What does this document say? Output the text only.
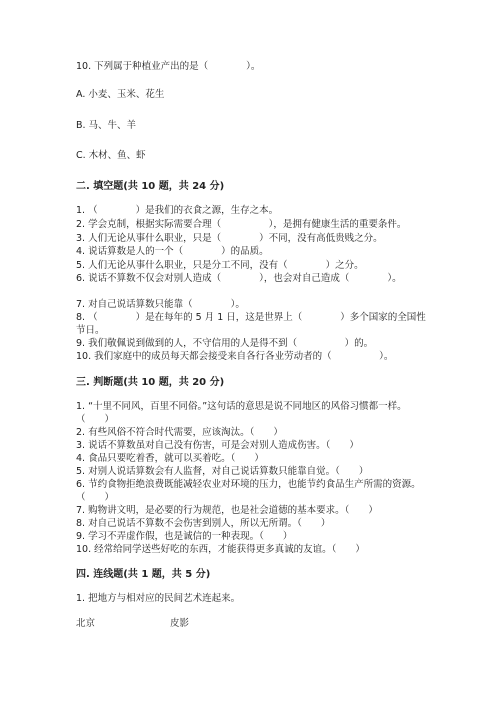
10. 下列属于种植业产出的是（　　　　）。
A. 小麦、玉米、花生
B. 马、牛、羊
C. 木材、鱼、虾
二. 填空题(共 10 题，共 24 分)
1. （　　　　）是我们的衣食之源，生存之本。
2. 学会克制，根据实际需要合理（　　　　　），是拥有健康生活的重要条件。
3. 人们无论从事什么职业，只是（　　　　）不同，没有高低贵贱之分。
4. 说话算数是人的一个（　　　　）的品质。
5. 人们无论从事什么职业，只是分工不同，没有（　　　　）之分。
6. 说话不算数不仅会对别人造成（　　　　），也会对自己造成（　　　　）。
7. 对自己说话算数只能靠（　　　　）。
8. （　　　　）是在每年的 5 月 1 日，这是世界上（　　　　）多个国家的全国性节日。
9. 我们敬佩说到做到的人，不守信用的人是得不到（　　　　　）的。
10. 我们家庭中的成员每天都会接受来自各行各业劳动者的（　　　　　）。
三. 判断题(共 10 题，共 20 分)
1. “十里不同风，百里不同俗。”这句话的意思是说不同地区的风俗习惯都一样。（　　）
2. 有些风俗不符合时代需要，应该淘汰。（　　）
3. 说话不算数虽对自己没有伤害，可是会对别人造成伤害。（　　）
4. 食品只要吃着香，就可以买着吃。（　　）
5. 对别人说话算数会有人监督，对自己说话算数只能靠自觉。（　　）
6. 节约食物拒绝浪费既能减轻农业对环境的压力，也能节约食品生产所需的资源。（　　）
7. 购物讲文明，是必要的行为规范，也是社会道德的基本要求。（　　）
8. 对自己说话不算数不会伤害到别人，所以无所谓。（　　）
9. 学习不弄虚作假，也是诚信的一种表现。（　　）
10. 经常给同学送些好吃的东西，才能获得更多真诚的友谊。（　　）
四. 连线题(共 1 题，共 5 分)
1. 把地方与相对应的民间艺术连起来。
北京	皮影
